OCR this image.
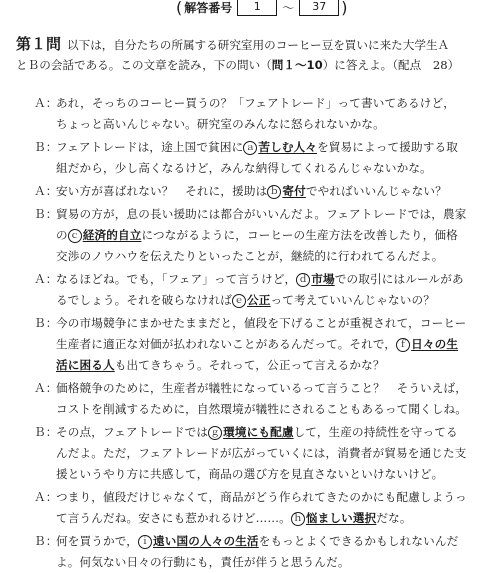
( 解答番号	1	〜	37 )
第１問 以下は，自分たちの所属する研究室用のコーヒー豆を買いに来た大学生Ａ
とＢの会話である。この文章を読み，下の問い（問１〜10）に答えよ。（配点　28）
Ａ：あれ，そっちのコーヒー買うの？「フェアトレード」って書いてあるけど，
ちょっと高いんじゃない。研究室のみんなに怒られないかな。
Ｂ：フェアトレードは，途上国で貧困に ａ 苦しむ人々を貿易によって援助する取
組だから，少し高くなるけど，みんな納得してくれるんじゃないかな。
Ａ：安い方が喜ばれない？　それに，援助は ｂ 寄付でやればいいんじゃない？
Ｂ：貿易の方が，息の長い援助には都合がいいんだよ。フェアトレードでは，農家
の ｃ 経済的自立につながるように，コーヒーの生産方法を改善したり，価格
交渉のノウハウを伝えたりといったことが，継続的に行われてるんだよ。
Ａ：なるほどね。でも，「フェア」って言うけど， ｄ 市場での取引にはルールがあ
るでしょう。それを破らなければ ｅ 公正って考えていいんじゃないの？
Ｂ：今の市場競争にまかせたままだと，値段を下げることが重視されて，コーヒー
生産者に適正な対価が払われないことがあるんだって。それで， ｆ 日々の生
活に困る人も出てきちゃう。それって，公正って言えるかな？
Ａ：価格競争のために，生産者が犠牲になっているって言うこと？　そういえば，
コストを削減するために，自然環境が犠牲にされることもあるって聞くしね。
Ｂ：その点，フェアトレードでは ｇ 環境にも配慮して，生産の持続性を守ってる
んだよ。ただ，フェアトレードが広がっていくには，消費者が貿易を通じた支
援というやり方に共感して，商品の選び方を見直さないといけないけど。
Ａ：つまり，値段だけじゃなくて，商品がどう作られてきたのかにも配慮しようっ
て言うんだね。安さにも惹かれるけど……。 ｈ 悩ましい選択だな。
Ｂ：何を買うかで， ｉ 遠い国の人々の生活をもっとよくできるかもしれないんだ
よ。何気ない日々の行動にも，責任が伴うと思うんだ。
